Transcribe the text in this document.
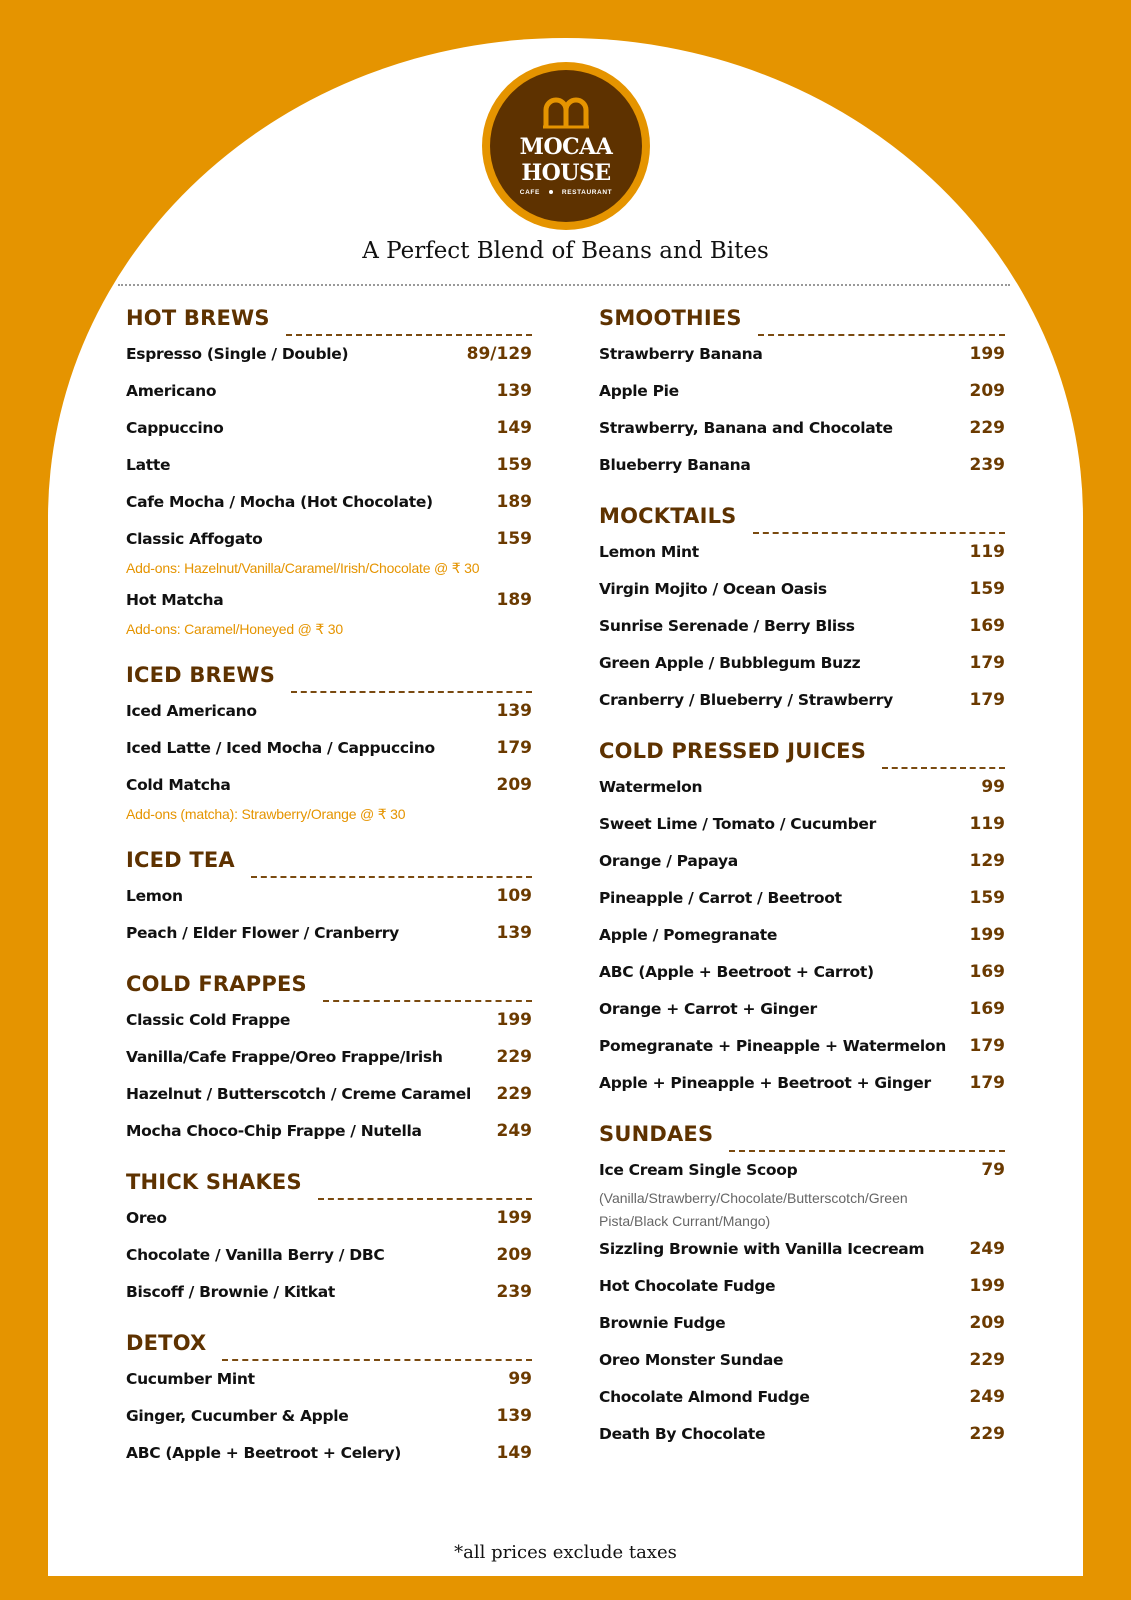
MOCAA
HOUSE
CAFE	RESTAURANT
A Perfect Blend of Beans and Bites
HOT BREWS
Espresso (Single / Double)	89/129
Americano	139
Cappuccino	149
Latte	159
Cafe Mocha / Mocha (Hot Chocolate)	189
Classic Affogato	159
Add-ons: Hazelnut/Vanilla/Caramel/Irish/Chocolate @ ₹ 30
Hot Matcha	189
Add-ons: Caramel/Honeyed @ ₹ 30
ICED BREWS
Iced Americano	139
Iced Latte / Iced Mocha / Cappuccino	179
Cold Matcha	209
Add-ons (matcha): Strawberry/Orange @ ₹ 30
ICED TEA
Lemon	109
Peach / Elder Flower / Cranberry	139
COLD FRAPPES
Classic Cold Frappe	199
Vanilla/Cafe Frappe/Oreo Frappe/Irish	229
Hazelnut / Butterscotch / Creme Caramel 229
Mocha Choco-Chip Frappe / Nutella	249
THICK SHAKES
Oreo	199
Chocolate / Vanilla Berry / DBC	209
Biscoff / Brownie / Kitkat	239
DETOX
Cucumber Mint	99
Ginger, Cucumber & Apple	139
ABC (Apple + Beetroot + Celery)	149
SMOOTHIES
Strawberry Banana	199
Apple Pie	209
Strawberry, Banana and Chocolate	229
Blueberry Banana	239
MOCKTAILS
Lemon Mint	119
Virgin Mojito / Ocean Oasis	159
Sunrise Serenade / Berry Bliss	169
Green Apple / Bubblegum Buzz	179
Cranberry / Blueberry / Strawberry	179
COLD PRESSED JUICES
Watermelon	99
Sweet Lime / Tomato / Cucumber	119
Orange / Papaya	129
Pineapple / Carrot / Beetroot	159
Apple / Pomegranate	199
ABC (Apple + Beetroot + Carrot)	169
Orange + Carrot + Ginger	169
Pomegranate + Pineapple + Watermelon 179
Apple + Pineapple + Beetroot + Ginger 179
SUNDAES
Ice Cream Single Scoop	79
(Vanilla/Strawberry/Chocolate/Butterscotch/Green Pista/Black Currant/Mango)
Sizzling Brownie with Vanilla Icecream	249
Hot Chocolate Fudge	199
Brownie Fudge	209
Oreo Monster Sundae	229
Chocolate Almond Fudge	249
Death By Chocolate	229
*all prices exclude taxes
